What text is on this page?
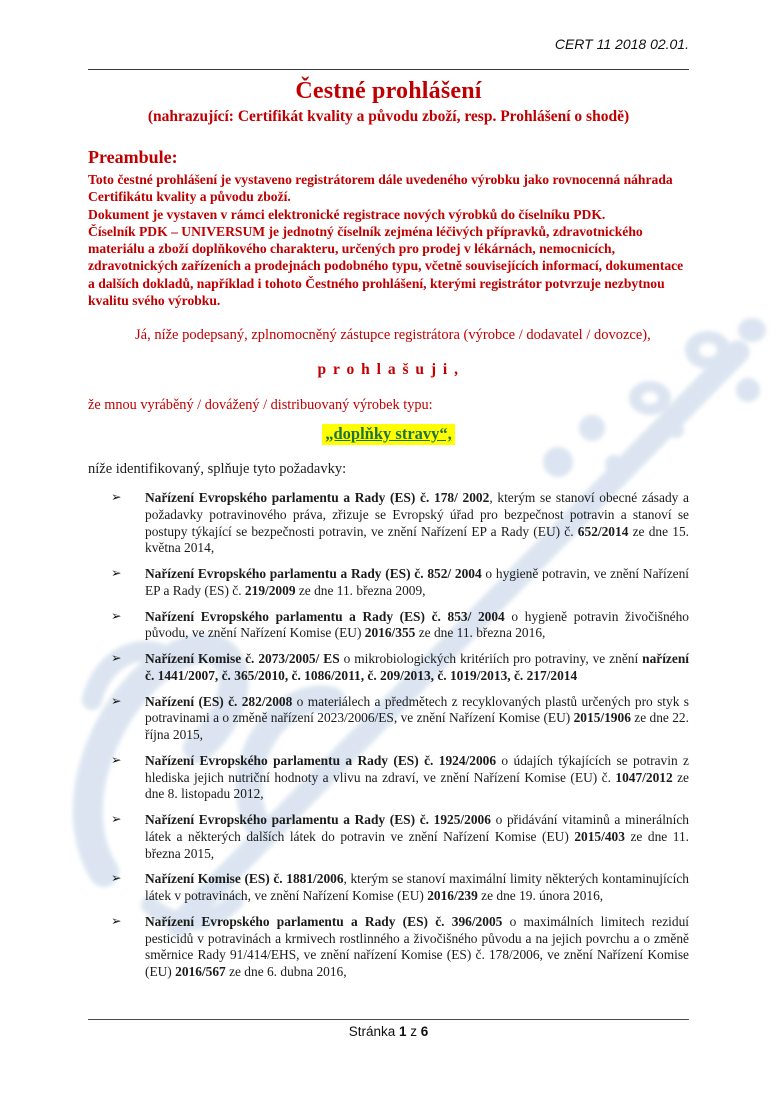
CERT 11 2018 02.01.
Čestné prohlášení
(nahrazující: Certifikát kvality a původu zboží, resp. Prohlášení o shodě)
Preambule:
Toto čestné prohlášení je vystaveno registrátorem dále uvedeného výrobku jako rovnocenná náhrada Certifikátu kvality a původu zboží.
Dokument je vystaven v rámci elektronické registrace nových výrobků do číselníku PDK.
Číselník PDK – UNIVERSUM je jednotný číselník zejména léčivých přípravků, zdravotnického materiálu a zboží doplňkového charakteru, určených pro prodej v lékárnách, nemocnicích, zdravotnických zařízeních a prodejnách podobného typu, včetně souvisejících informací, dokumentace a dalších dokladů, například i tohoto Čestného prohlášení, kterými registrátor potvrzuje nezbytnou kvalitu svého výrobku.
Já, níže podepsaný, zplnomocněný zástupce registrátora (výrobce / dodavatel / dovozce),
p r o h l a š u j i ,
že mnou vyráběný / dovážený / distribuovaný výrobek typu:
„doplňky stravy“,
níže identifikovaný, splňuje tyto požadavky:
➢ Nařízení Evropského parlamentu a Rady (ES) č. 178/ 2002, kterým se stanoví obecné zásady a požadavky potravinového práva, zřizuje se Evropský úřad pro bezpečnost potravin a stanoví se postupy týkající se bezpečnosti potravin, ve znění Nařízení EP a Rady (EU) č. 652/2014 ze dne 15. května 2014,
➢ Nařízení Evropského parlamentu a Rady (ES) č. 852/ 2004 o hygieně potravin, ve znění Nařízení EP a Rady (ES) č. 219/2009 ze dne 11. března 2009,
➢ Nařízení Evropského parlamentu a Rady (ES) č. 853/ 2004 o hygieně potravin živočišného původu, ve znění Nařízení Komise (EU) 2016/355 ze dne 11. března 2016,
➢ Nařízení Komise č. 2073/2005/ ES o mikrobiologických kritériích pro potraviny, ve znění nařízení č. 1441/2007, č. 365/2010, č. 1086/2011, č. 209/2013, č. 1019/2013, č. 217/2014
➢ Nařízení (ES) č. 282/2008 o materiálech a předmětech z recyklovaných plastů určených pro styk s potravinami a o změně nařízení 2023/2006/ES, ve znění Nařízení Komise (EU) 2015/1906 ze dne 22. října 2015,
➢ Nařízení Evropského parlamentu a Rady (ES) č. 1924/2006 o údajích týkajících se potravin z hlediska jejich nutriční hodnoty a vlivu na zdraví, ve znění Nařízení Komise (EU) č. 1047/2012 ze dne 8. listopadu 2012,
➢ Nařízení Evropského parlamentu a Rady (ES) č. 1925/2006 o přidávání vitaminů a minerálních látek a některých dalších látek do potravin ve znění Nařízení Komise (EU) 2015/403 ze dne 11. března 2015,
➢ Nařízení Komise (ES) č. 1881/2006, kterým se stanoví maximální limity některých kontaminujících látek v potravinách, ve znění Nařízení Komise (EU) 2016/239 ze dne 19. února 2016,
➢ Nařízení Evropského parlamentu a Rady (ES) č. 396/2005 o maximálních limitech reziduí pesticidů v potravinách a krmivech rostlinného a živočišného původu a na jejich povrchu a o změně směrnice Rady 91/414/EHS, ve znění nařízení Komise (ES) č. 178/2006, ve znění Nařízení Komise (EU) 2016/567 ze dne 6. dubna 2016,
Stránka 1 z 6
